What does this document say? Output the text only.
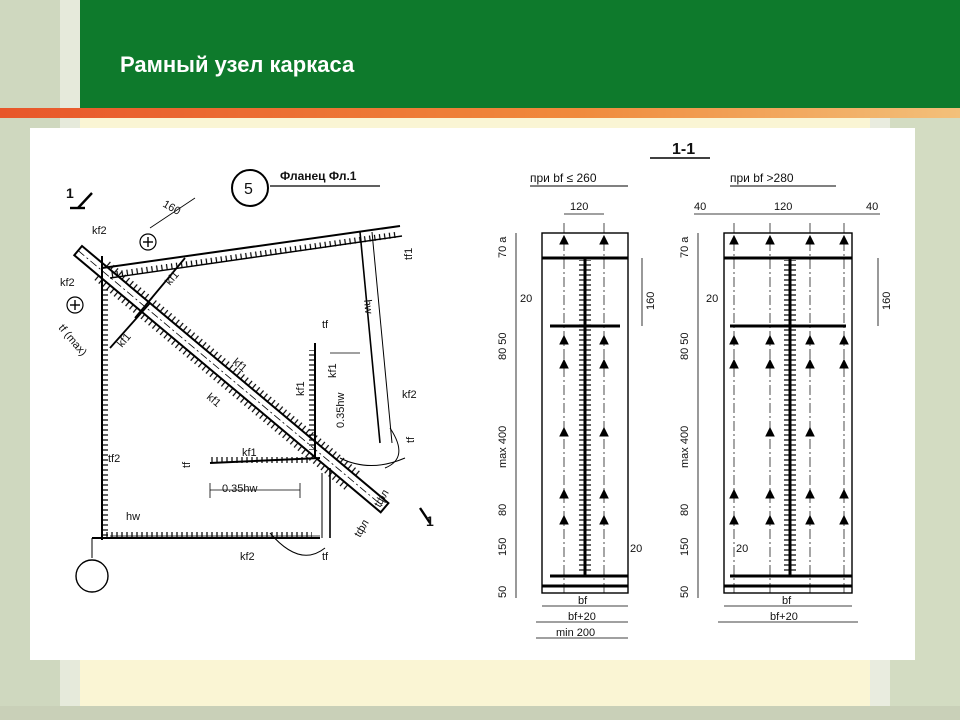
Рамный узел каркаса
5
Фланец Фл.1
1
1
kf2
kf2
kf2
kf2
kf1
kf1
kf1
kf1
kf1
kf1
kf1
tf (max)
tf2
tf1
tf
tf
tf
tf
hw
hw
160
0.35hw
0.35hw
tфл
tфл
1-1
при bf ≤ 260	при bf >280
120
70 a
80 50
max 400
80
150
50
20
20
160
bf
bf+20
min 200
40	120	40
70 a
80 50
max 400
80
150
50
20
20
160
bf
bf+20
